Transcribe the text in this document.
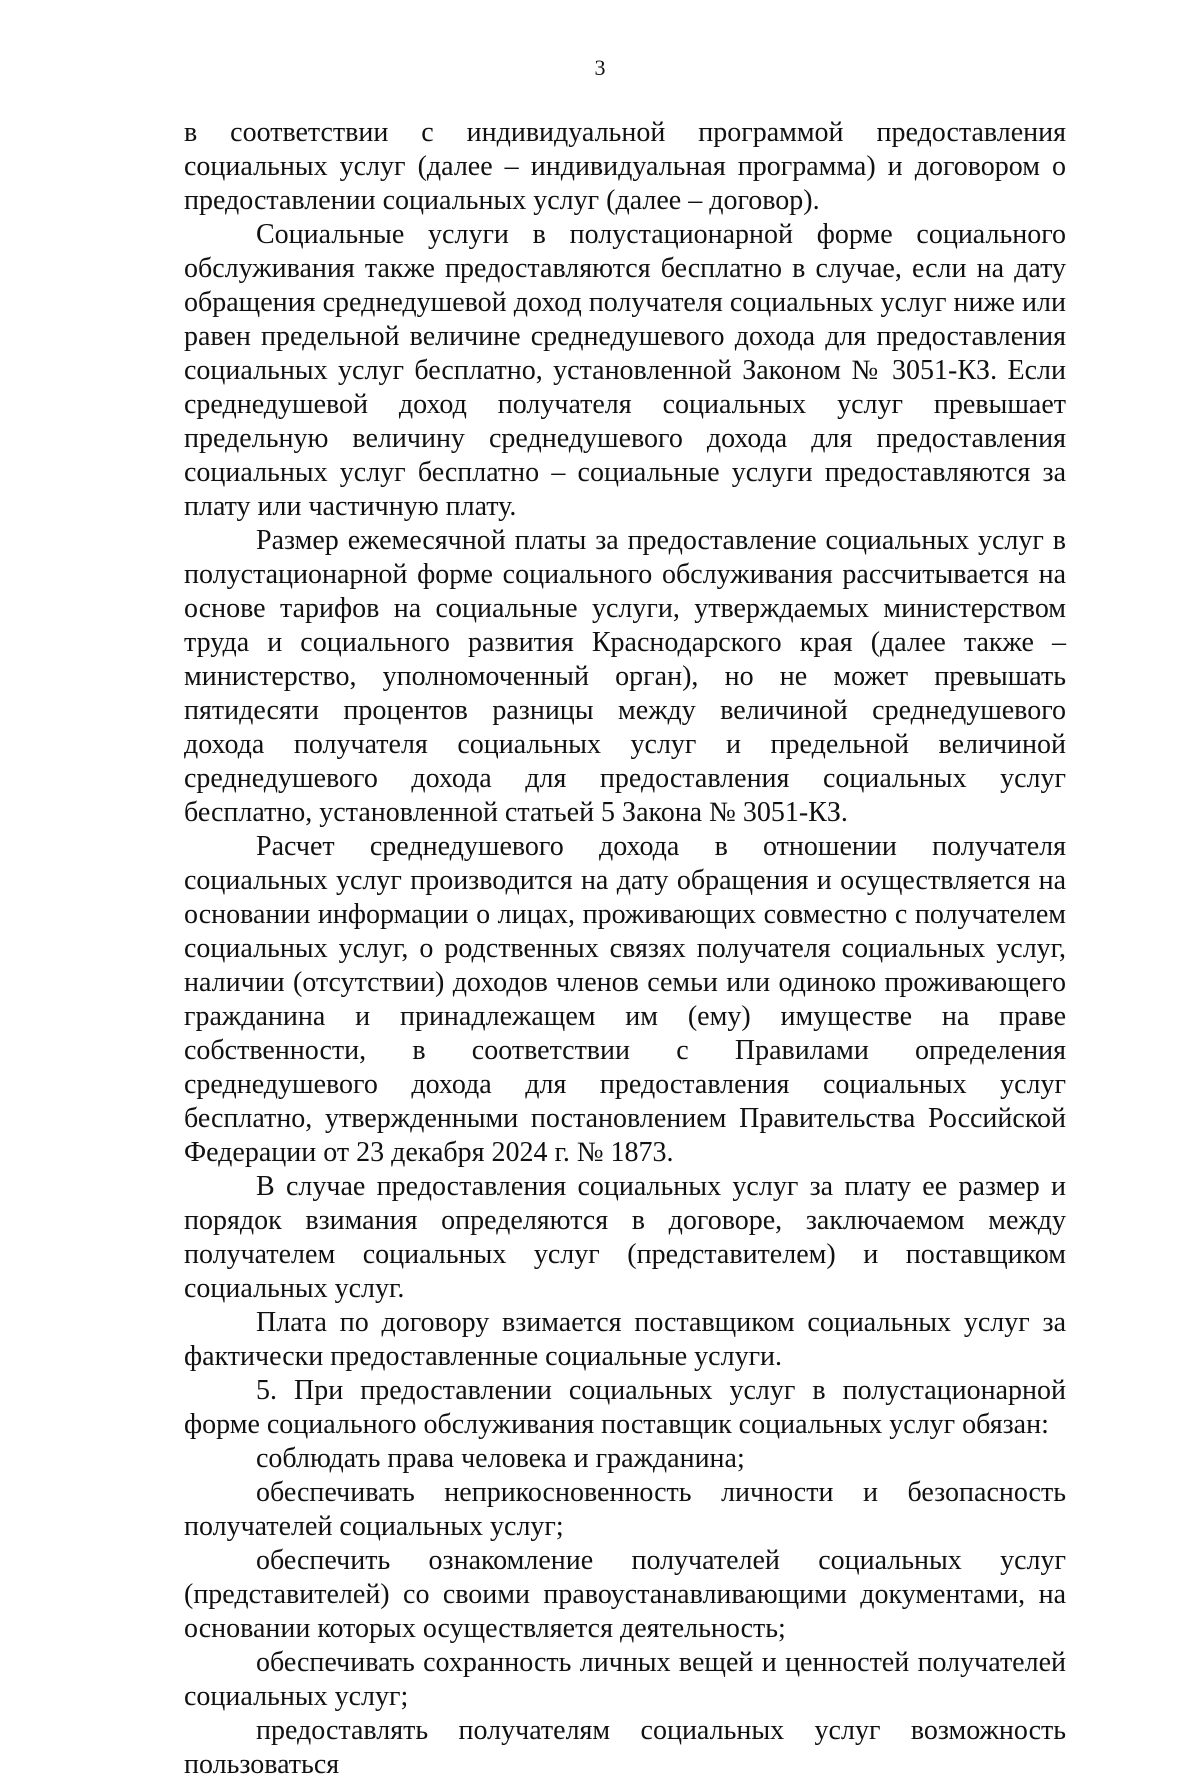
3

в соответствии с индивидуальной программой предоставления социальных услуг (далее – индивидуальная программа) и договором о предоставлении социальных услуг (далее – договор).

Социальные услуги в полустационарной форме социального обслуживания также предоставляются бесплатно в случае, если на дату обращения среднедушевой доход получателя социальных услуг ниже или равен предельной величине среднедушевого дохода для предоставления социальных услуг бесплатно, установленной Законом № 3051-КЗ. Если среднедушевой доход получателя социальных услуг превышает предельную величину среднедушевого дохода для предоставления социальных услуг бесплатно – социальные услуги предоставляются за плату или частичную плату.

Размер ежемесячной платы за предоставление социальных услуг в полустационарной форме социального обслуживания рассчитывается на основе тарифов на социальные услуги, утверждаемых министерством труда и социального развития Краснодарского края (далее также – министерство, уполномоченный орган), но не может превышать пятидесяти процентов разницы между величиной среднедушевого дохода получателя социальных услуг и предельной величиной среднедушевого дохода для предоставления социальных услуг бесплатно, установленной статьей 5 Закона № 3051-КЗ.

Расчет среднедушевого дохода в отношении получателя социальных услуг производится на дату обращения и осуществляется на основании информации о лицах, проживающих совместно с получателем социальных услуг, о родственных связях получателя социальных услуг, наличии (отсутствии) доходов членов семьи или одиноко проживающего гражданина и принадлежащем им (ему) имуществе на праве собственности, в соответствии с Правилами определения среднедушевого дохода для предоставления социальных услуг бесплатно, утвержденными постановлением Правительства Российской Федерации от 23 декабря 2024 г. № 1873.

В случае предоставления социальных услуг за плату ее размер и порядок взимания определяются в договоре, заключаемом между получателем социальных услуг (представителем) и поставщиком социальных услуг.

Плата по договору взимается поставщиком социальных услуг за фактически предоставленные социальные услуги.

5. При предоставлении социальных услуг в полустационарной форме социального обслуживания поставщик социальных услуг обязан:

соблюдать права человека и гражданина;

обеспечивать неприкосновенность личности и безопасность получателей социальных услуг;

обеспечить ознакомление получателей социальных услуг (представителей) со своими правоустанавливающими документами, на основании которых осуществляется деятельность;

обеспечивать сохранность личных вещей и ценностей получателей социальных услуг;

предоставлять получателям социальных услуг возможность пользоваться
